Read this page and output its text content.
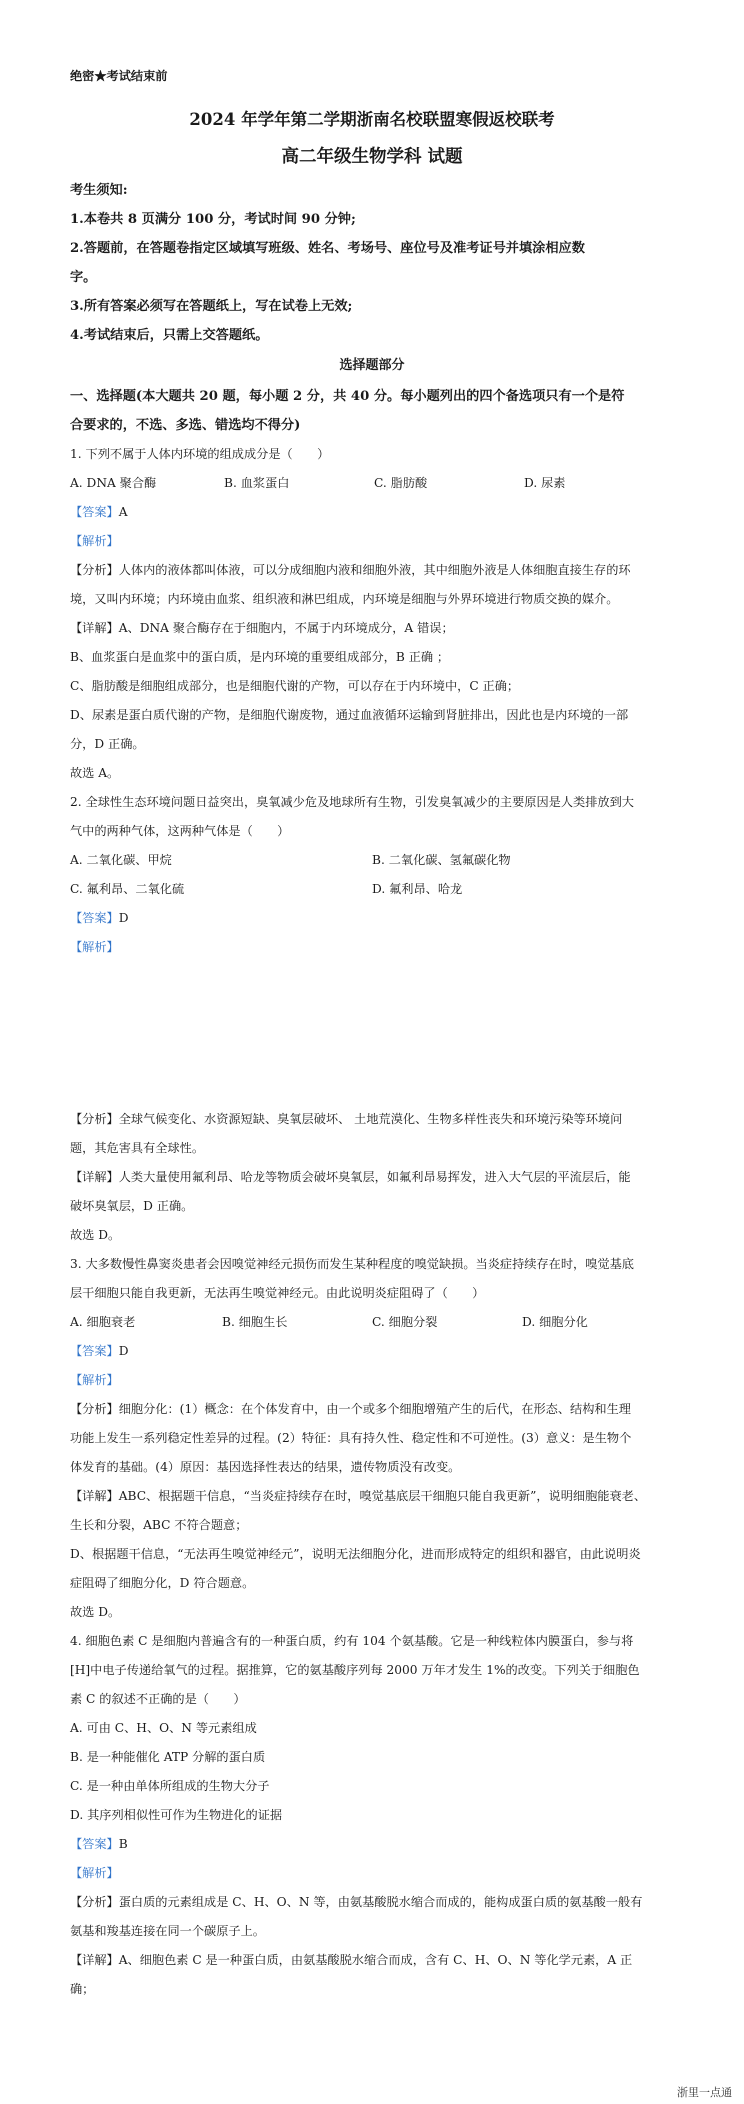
绝密★考试结束前
2024 年学年第二学期浙南名校联盟寒假返校联考
高二年级生物学科 试题
考生须知:
1.本卷共 8 页满分 100 分，考试时间 90 分钟;
2.答题前，在答题卷指定区域填写班级、姓名、考场号、座位号及准考证号并填涂相应数
字。
3.所有答案必须写在答题纸上，写在试卷上无效;
4.考试结束后，只需上交答题纸。
选择题部分
一、选择题(本大题共 20 题，每小题 2 分，共 40 分。每小题列出的四个备选项只有一个是符
合要求的，不选、多选、错选均不得分)
1. 下列不属于人体内环境的组成成分是（　　）
A. DNA 聚合酶	B. 血浆蛋白	C. 脂肪酸	D. 尿素
【答案】A
【解析】
【分析】人体内的液体都叫体液，可以分成细胞内液和细胞外液，其中细胞外液是人体细胞直接生存的环
境，又叫内环境；内环境由血浆、组织液和淋巴组成，内环境是细胞与外界环境进行物质交换的媒介。
【详解】A、DNA 聚合酶存在于细胞内，不属于内环境成分，A 错误；
B、血浆蛋白是血浆中的蛋白质，是内环境的重要组成部分，B 正确 ；
C、脂肪酸是细胞组成部分，也是细胞代谢的产物，可以存在于内环境中，C 正确；
D、尿素是蛋白质代谢的产物，是细胞代谢废物，通过血液循环运输到肾脏排出，因此也是内环境的一部
分，D 正确。
故选 A。
2. 全球性生态环境问题日益突出，臭氧减少危及地球所有生物，引发臭氧减少的主要原因是人类排放到大
气中的两种气体，这两种气体是（　　）
A. 二氧化碳、甲烷	B. 二氧化碳、氢氟碳化物
C. 氟利昂、二氧化硫	D. 氟利昂、哈龙
【答案】D
【解析】
【分析】全球气候变化、水资源短缺、臭氧层破坏、 土地荒漠化、生物多样性丧失和环境污染等环境问
题，其危害具有全球性。
【详解】人类大量使用氟利昂、哈龙等物质会破坏臭氧层，如氟利昂易挥发，进入大气层的平流层后，能
破坏臭氧层，D 正确。
故选 D。
3. 大多数慢性鼻窦炎患者会因嗅觉神经元损伤而发生某种程度的嗅觉缺损。当炎症持续存在时，嗅觉基底
层干细胞只能自我更新，无法再生嗅觉神经元。由此说明炎症阻碍了（　　）
A. 细胞衰老	B. 细胞生长	C. 细胞分裂	D. 细胞分化
【答案】D
【解析】
【分析】细胞分化：(1）概念：在个体发育中，由一个或多个细胞增殖产生的后代，在形态、结构和生理
功能上发生一系列稳定性差异的过程。(2）特征：具有持久性、稳定性和不可逆性。(3）意义：是生物个
体发育的基础。(4）原因：基因选择性表达的结果，遗传物质没有改变。
【详解】ABC、根据题干信息，“当炎症持续存在时，嗅觉基底层干细胞只能自我更新”，说明细胞能衰老、
生长和分裂，ABC 不符合题意；
D、根据题干信息，“无法再生嗅觉神经元”，说明无法细胞分化，进而形成特定的组织和器官，由此说明炎
症阻碍了细胞分化，D 符合题意。
故选 D。
4. 细胞色素 C 是细胞内普遍含有的一种蛋白质，约有 104 个氨基酸。它是一种线粒体内膜蛋白，参与将
[H]中电子传递给氧气的过程。据推算，它的氨基酸序列每 2000 万年才发生 1%的改变。下列关于细胞色
素 C 的叙述不正确的是（　　）
A. 可由 C、H、O、N 等元素组成
B. 是一种能催化 ATP 分解的蛋白质
C. 是一种由单体所组成的生物大分子
D. 其序列相似性可作为生物进化的证据
【答案】B
【解析】
【分析】蛋白质的元素组成是 C、H、O、N 等，由氨基酸脱水缩合而成的，能构成蛋白质的氨基酸一般有
氨基和羧基连接在同一个碳原子上。
【详解】A、细胞色素 C 是一种蛋白质，由氨基酸脱水缩合而成，含有 C、H、O、N 等化学元素，A 正
确；
浙里一点通
